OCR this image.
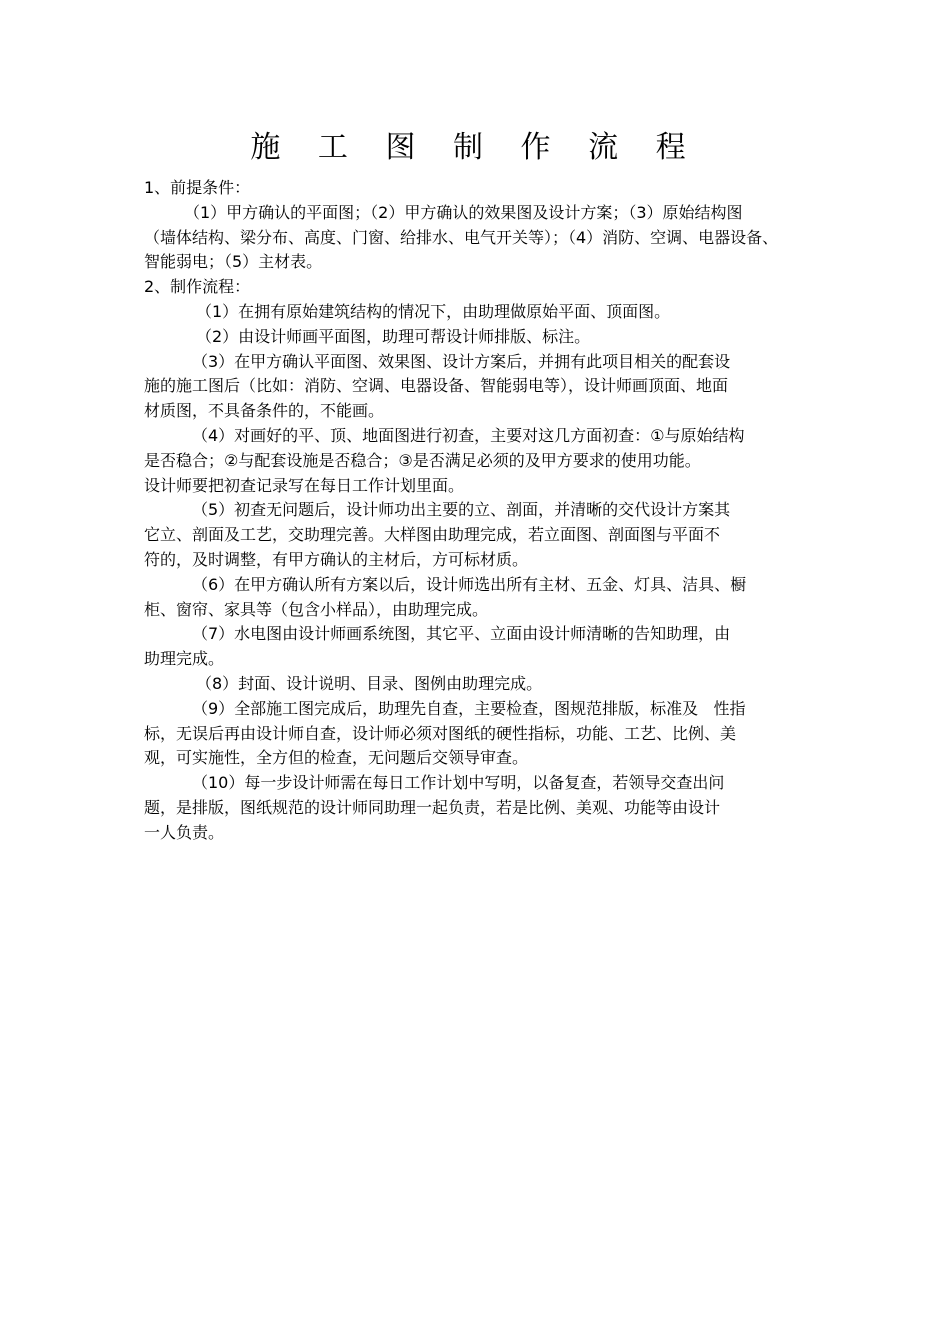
施 工 图 制 作 流 程
1、前提条件：
（1）甲方确认的平面图；（2）甲方确认的效果图及设计方案；（3）原始结构图
（墙体结构、梁分布、高度、门窗、给排水、电气开关等）；（4）消防、空调、电器设备、
智能弱电；（5）主材表。
2、制作流程：
（1）在拥有原始建筑结构的情况下，由助理做原始平面、顶面图。
（2）由设计师画平面图，助理可帮设计师排版、标注。
（3）在甲方确认平面图、效果图、设计方案后，并拥有此项目相关的配套设
施的施工图后（比如：消防、空调、电器设备、智能弱电等），设计师画顶面、地面
材质图，不具备条件的，不能画。
（4）对画好的平、顶、地面图进行初查，主要对这几方面初查：①与原始结构
是否稳合；②与配套设施是否稳合；③是否满足必须的及甲方要求的使用功能。
设计师要把初查记录写在每日工作计划里面。
（5）初查无问题后，设计师功出主要的立、剖面，并清晰的交代设计方案其
它立、剖面及工艺，交助理完善。大样图由助理完成，若立面图、剖面图与平面不
符的，及时调整，有甲方确认的主材后，方可标材质。
（6）在甲方确认所有方案以后，设计师选出所有主材、五金、灯具、洁具、橱
柜、窗帘、家具等（包含小样品），由助理完成。
（7）水电图由设计师画系统图，其它平、立面由设计师清晰的告知助理，由
助理完成。
（8）封面、设计说明、目录、图例由助理完成。
（9）全部施工图完成后，助理先自查，主要检查，图规范排版，标准及   性指
标，无误后再由设计师自查，设计师必须对图纸的硬性指标，功能、工艺、比例、美
观，可实施性，全方但的检查，无问题后交领导审查。
（10）每一步设计师需在每日工作计划中写明，以备复查，若领导交查出问
题，是排版，图纸规范的设计师同助理一起负责，若是比例、美观、功能等由设计
一人负责。
